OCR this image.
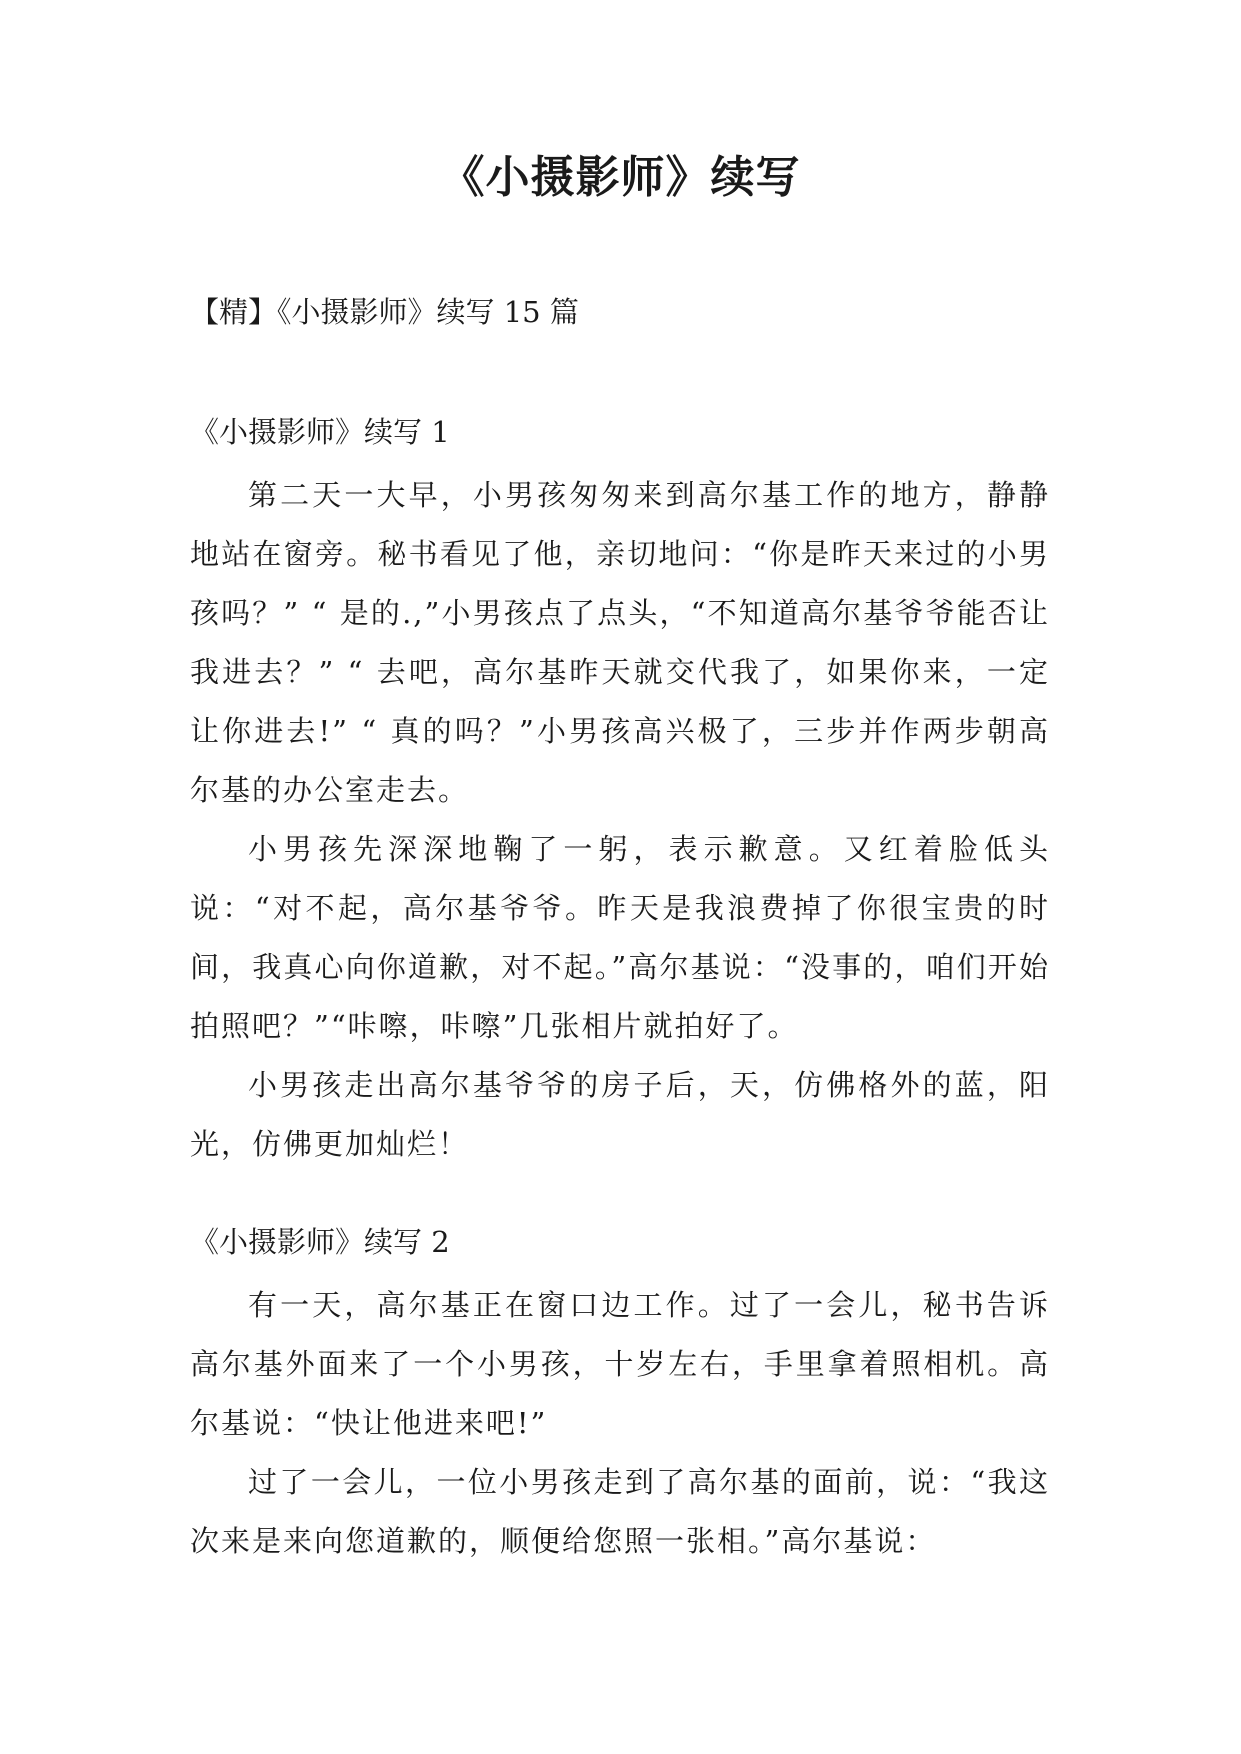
《小摄影师》续写

【精】《小摄影师》续写 15 篇

《小摄影师》续写 1

第二天一大早，小男孩匆匆来到高尔基工作的地方，静静地站在窗旁。秘书看见了他，亲切地问：“你是昨天来过的小男孩吗？” “ 是的.,”小男孩点了点头，“不知道高尔基爷爷能否让我进去？” “ 去吧，高尔基昨天就交代我了，如果你来，一定让你进去!” “ 真的吗？”小男孩高兴极了，三步并作两步朝高尔基的办公室走去。

小男孩先深深地鞠了一躬，表示歉意。又红着脸低头说：“对不起，高尔基爷爷。昨天是我浪费掉了你很宝贵的时间，我真心向你道歉，对不起。”高尔基说：“没事的，咱们开始拍照吧？”“咔嚓，咔嚓”几张相片就拍好了。

小男孩走出高尔基爷爷的房子后，天，仿佛格外的蓝，阳光，仿佛更加灿烂！

《小摄影师》续写 2

有一天，高尔基正在窗口边工作。过了一会儿，秘书告诉高尔基外面来了一个小男孩，十岁左右，手里拿着照相机。高尔基说：“快让他进来吧!”

过了一会儿，一位小男孩走到了高尔基的面前，说：“我这次来是来向您道歉的，顺便给您照一张相。”高尔基说：
